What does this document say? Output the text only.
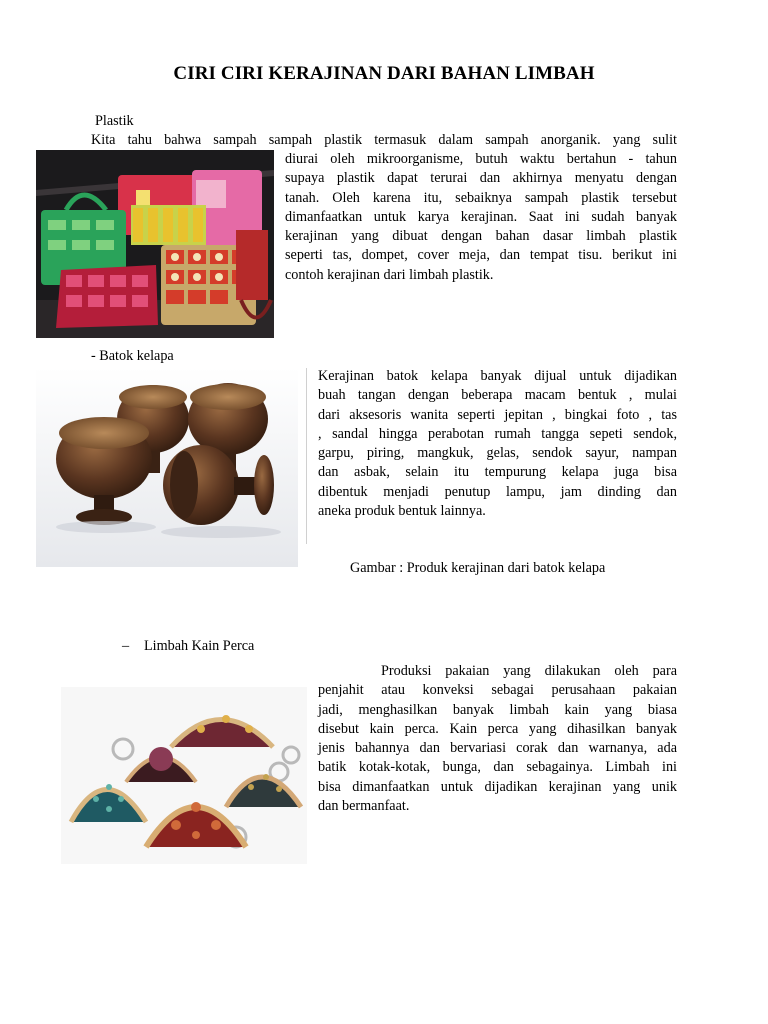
CIRI CIRI KERAJINAN DARI BAHAN LIMBAH
Plastik
Kita tahu bahwa sampah sampah plastik termasuk dalam sampah anorganik. yang sulit
diurai oleh mikroorganisme, butuh waktu bertahun - tahun
supaya plastik dapat terurai dan akhirnya menyatu dengan
tanah. Oleh karena itu, sebaiknya sampah plastik tersebut
dimanfaatkan untuk karya kerajinan. Saat ini sudah banyak
kerajinan yang dibuat dengan bahan dasar limbah plastik
seperti tas, dompet, cover meja, dan tempat tisu. berikut ini
contoh kerajinan dari limbah plastik.
- Batok kelapa
Kerajinan batok kelapa banyak dijual untuk dijadikan
buah tangan dengan beberapa macam bentuk , mulai
dari aksesoris wanita seperti jepitan , bingkai foto , tas
, sandal hingga perabotan rumah tangga sepeti sendok,
garpu, piring, mangkuk, gelas, sendok sayur, nampan
dan asbak, selain itu tempurung kelapa juga bisa
dibentuk menjadi penutup lampu, jam dinding dan
aneka produk bentuk lainnya.
Gambar : Produk kerajinan dari batok kelapa
– Limbah Kain Perca
Produksi pakaian yang dilakukan oleh para
penjahit atau konveksi sebagai perusahaan pakaian
jadi, menghasilkan banyak limbah kain yang biasa
disebut kain perca. Kain perca yang dihasilkan banyak
jenis bahannya dan bervariasi corak dan warnanya, ada
batik kotak-kotak, bunga, dan sebagainya. Limbah ini
bisa dimanfaatkan untuk dijadikan kerajinan yang unik
dan bermanfaat.
